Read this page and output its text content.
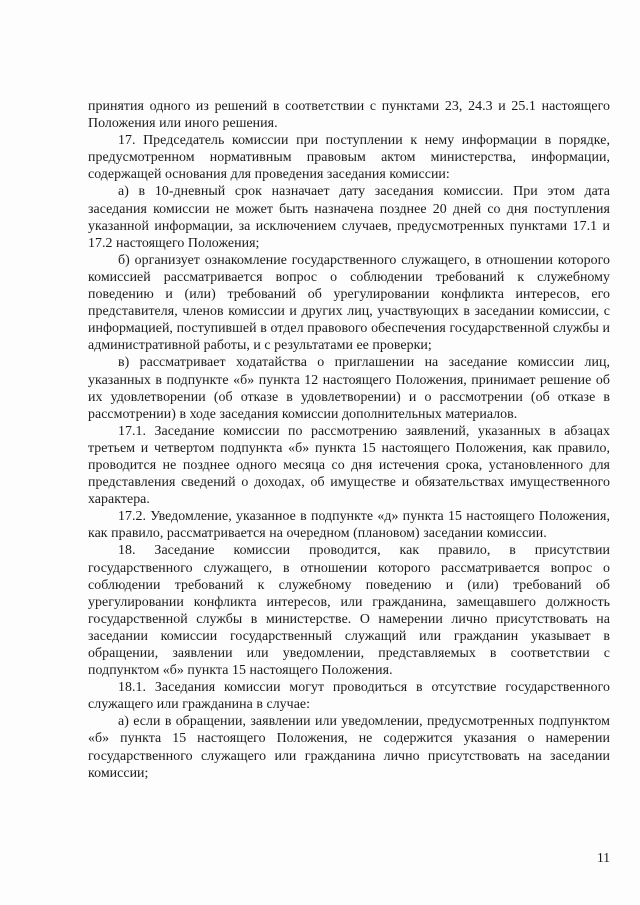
принятия одного из решений в соответствии с пунктами 23, 24.3 и 25.1 настоящего Положения или иного решения.

17. Председатель комиссии при поступлении к нему информации в порядке, предусмотренном нормативным правовым актом министерства, информации, содержащей основания для проведения заседания комиссии:

а) в 10-дневный срок назначает дату заседания комиссии. При этом дата заседания комиссии не может быть назначена позднее 20 дней со дня поступления указанной информации, за исключением случаев, предусмотренных пунктами 17.1 и 17.2 настоящего Положения;

б) организует ознакомление государственного служащего, в отношении которого комиссией рассматривается вопрос о соблюдении требований к служебному поведению и (или) требований об урегулировании конфликта интересов, его представителя, членов комиссии и других лиц, участвующих в заседании комиссии, с информацией, поступившей в отдел правового обеспечения государственной службы и административной работы, и с результатами ее проверки;

в) рассматривает ходатайства о приглашении на заседание комиссии лиц, указанных в подпункте «б» пункта 12 настоящего Положения, принимает решение об их удовлетворении (об отказе в удовлетворении) и о рассмотрении (об отказе в рассмотрении) в ходе заседания комиссии дополнительных материалов.

17.1. Заседание комиссии по рассмотрению заявлений, указанных в абзацах третьем и четвертом подпункта «б» пункта 15 настоящего Положения, как правило, проводится не позднее одного месяца со дня истечения срока, установленного для представления сведений о доходах, об имуществе и обязательствах имущественного характера.

17.2. Уведомление, указанное в подпункте «д» пункта 15 настоящего Положения, как правило, рассматривается на очередном (плановом) заседании комиссии.

18. Заседание комиссии проводится, как правило, в присутствии государственного служащего, в отношении которого рассматривается вопрос о соблюдении требований к служебному поведению и (или) требований об урегулировании конфликта интересов, или гражданина, замещавшего должность государственной службы в министерстве. О намерении лично присутствовать на заседании комиссии государственный служащий или гражданин указывает в обращении, заявлении или уведомлении, представляемых в соответствии с подпунктом «б» пункта 15 настоящего Положения.

18.1. Заседания комиссии могут проводиться в отсутствие государственного служащего или гражданина в случае:

а) если в обращении, заявлении или уведомлении, предусмотренных подпунктом «б» пункта 15 настоящего Положения, не содержится указания о намерении государственного служащего или гражданина лично присутствовать на заседании комиссии;

11
